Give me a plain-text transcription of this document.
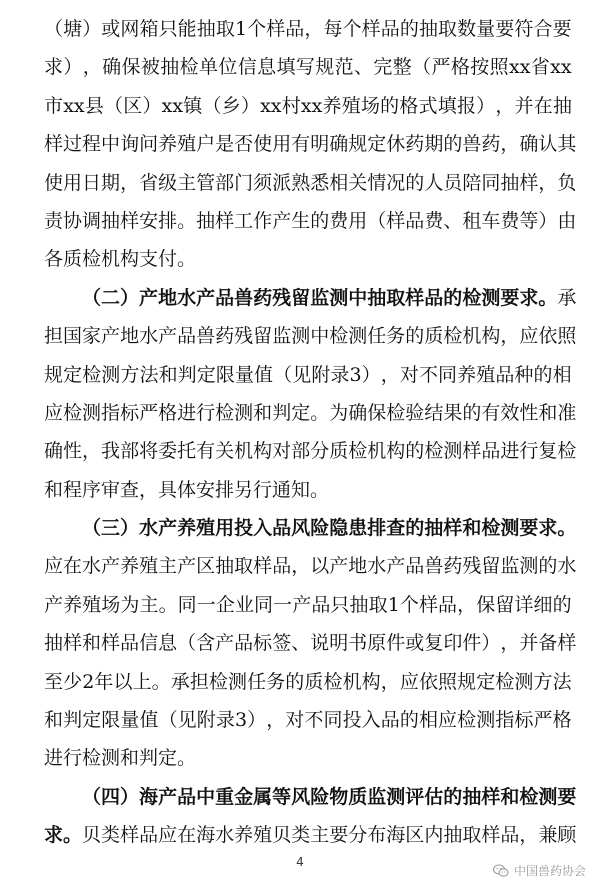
（ 塘 ） 或 网 箱 只 能 抽 取 1 个 样 品 ， 每 个 样 品 的 抽 取 数 量 要 符 合 要
求 ） ， 确 保 被 抽 检 单 位 信 息 填 写 规 范 、 完 整 （ 严 格 按 照 xx 省 xx
市 xx 县 （ 区 ） xx 镇 （ 乡 ） xx 村 xx 养 殖 场 的 格 式 填 报 ） ， 并 在 抽
样 过 程 中 询 问 养 殖 户 是 否 使 用 有 明 确 规 定 休 药 期 的 兽 药 ， 确 认 其
使 用 日 期 ， 省 级 主 管 部 门 须 派 熟 悉 相 关 情 况 的 人 员 陪 同 抽 样 ， 负
责 协 调 抽 样 安 排 。 抽 样 工 作 产 生 的 费 用 （ 样 品 费 、 租 车 费 等 ） 由
各质检机构支付。
（ 二 ） 产 地 水 产 品 兽 药 残 留 监 测 中 抽 取 样 品 的 检 测 要 求 。 承
担 国 家 产 地 水 产 品 兽 药 残 留 监 测 中 检 测 任 务 的 质 检 机 构 ， 应 依 照
规 定 检 测 方 法 和 判 定 限 量 值 （ 见 附 录 3 ） ， 对 不 同 养 殖 品 种 的 相
应 检 测 指 标 严 格 进 行 检 测 和 判 定 。 为 确 保 检 验 结 果 的 有 效 性 和 准
确 性 ， 我 部 将 委 托 有 关 机 构 对 部 分 质 检 机 构 的 检 测 样 品 进 行 复 检
和程序审查，具体安排另行通知。
（ 三 ） 水 产 养 殖 用 投 入 品 风 险 隐 患 排 查 的 抽 样 和 检 测 要 求 。
应 在 水 产 养 殖 主 产 区 抽 取 样 品 ， 以 产 地 水 产 品 兽 药 残 留 监 测 的 水
产 养 殖 场 为 主 。 同 一 企 业 同 一 产 品 只 抽 取 1 个 样 品 ， 保 留 详 细 的
抽 样 和 样 品 信 息 （ 含 产 品 标 签 、 说 明 书 原 件 或 复 印 件 ） ， 并 备 样
至 少 2 年 以 上 。 承 担 检 测 任 务 的 质 检 机 构 ， 应 依 照 规 定 检 测 方 法
和 判 定 限 量 值 （ 见 附 录 3 ） ， 对 不 同 投 入 品 的 相 应 检 测 指 标 严 格
进行检测和判定。
（ 四 ） 海 产 品 中 重 金 属 等 风 险 物 质 监 测 评 估 的 抽 样 和 检 测 要
求 。 贝 类 样 品 应 在 海 水 养 殖 贝 类 主 要 分 布 海 区 内 抽 取 样 品 ， 兼 顾
4
中国兽药协会
